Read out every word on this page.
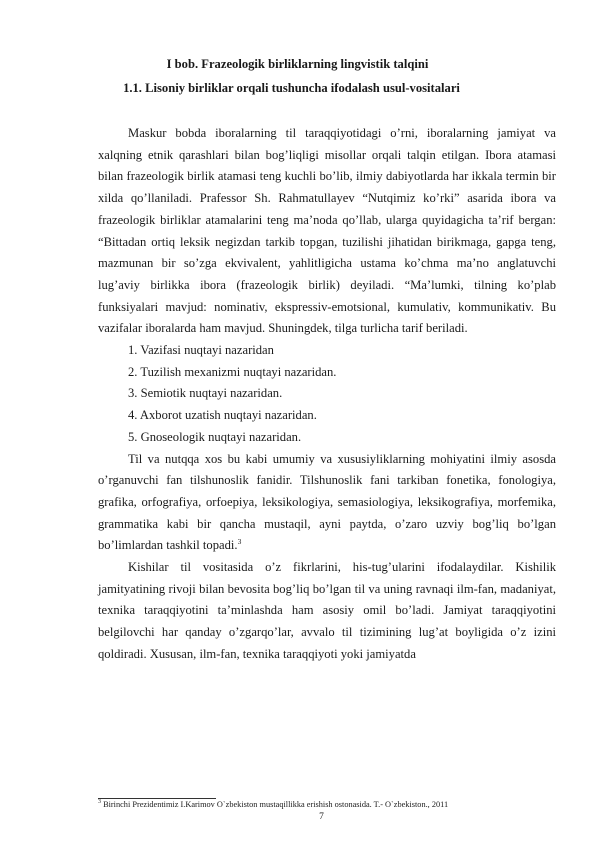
I bob. Frazeologik birliklarning lingvistik talqini
1.1. Lisoniy birliklar orqali tushuncha ifodalash usul-vositalari

Maskur bobda iboralarning til taraqqiyotidagi o’rni, iboralarning jamiyat va xalqning etnik qarashlari bilan bog’liqligi misollar orqali talqin etilgan. Ibora atamasi bilan frazeologik birlik atamasi teng kuchli bo’lib, ilmiy dabiyotlarda har ikkala termin bir xilda qo’llaniladi. Prafessor Sh. Rahmatullayev “Nutqimiz ko’rki” asarida ibora va frazeologik birliklar atamalarini teng ma’noda qo’llab, ularga quyidagicha ta’rif bergan: “Bittadan ortiq leksik negizdan tarkib topgan, tuzilishi jihatidan birikmaga, gapga teng, mazmunan bir so’zga ekvivalent, yahlitligicha ustama ko’chma ma’no anglatuvchi lug’aviy birlikka ibora (frazeologik birlik) deyiladi. “Ma’lumki, tilning ko’plab funksiyalari mavjud: nominativ, ekspressiv-emotsional, kumulativ, kommunikativ. Bu vazifalar iboralarda ham mavjud. Shuningdek, tilga turlicha tarif beriladi.

1. Vazifasi nuqtayi nazaridan

2. Tuzilish mexanizmi nuqtayi nazaridan.

3. Semiotik nuqtayi nazaridan.

4. Axborot uzatish nuqtayi nazaridan.

5. Gnoseologik nuqtayi nazaridan.

Til va nutqqa xos bu kabi umumiy va xususiyliklarning mohiyatini ilmiy asosda o’rganuvchi fan tilshunoslik fanidir. Tilshunoslik fani tarkiban fonetika, fonologiya, grafika, orfografiya, orfoepiya, leksikologiya, semasiologiya, leksikografiya, morfemika, grammatika kabi bir qancha mustaqil, ayni paytda, o’zaro uzviy bog’liq bo’lgan bo’limlardan tashkil topadi.$^3$

Kishilar til vositasida o’z fikrlarini, his-tug’ularini ifodalaydilar. Kishilik jamityatining rivoji bilan bevosita bog’liq bo’lgan til va uning ravnaqi ilm-fan, madaniyat, texnika taraqqiyotini ta’minlashda ham asosiy omil bo’ladi. Jamiyat taraqqiyotini belgilovchi har qanday o’zgarqo’lar, avvalo til tizimining lug’at boyligida o’z izini qoldiradi. Xususan, ilm-fan, texnika taraqqiyoti yoki jamiyatda

$^3$ Birinchi Prezidentimiz I.Karimov O`zbekiston mustaqillikka erishish ostonasida. T.- O`zbekiston., 2011
7
